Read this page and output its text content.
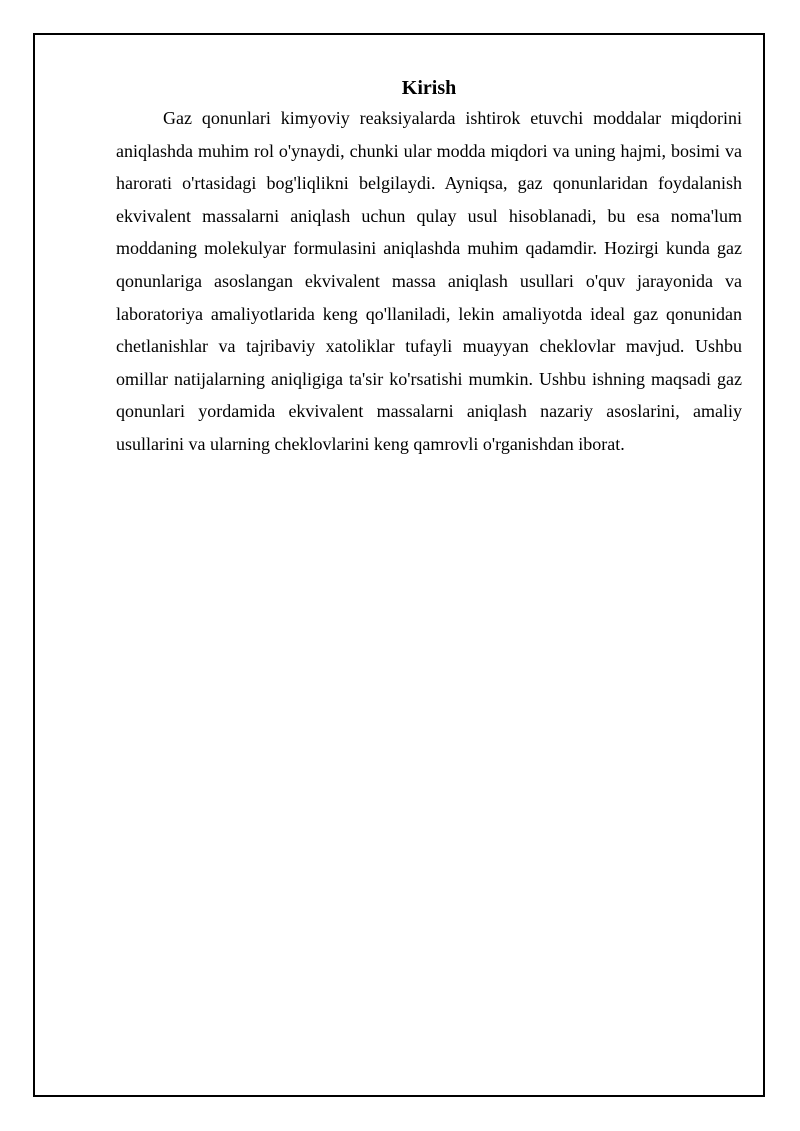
Kirish

Gaz qonunlari kimyoviy reaksiyalarda ishtirok etuvchi moddalar miqdorini aniqlashda muhim rol o'ynaydi, chunki ular modda miqdori va uning hajmi, bosimi va harorati o'rtasidagi bog'liqlikni belgilaydi. Ayniqsa, gaz qonunlaridan foydalanish ekvivalent massalarni aniqlash uchun qulay usul hisoblanadi, bu esa noma'lum moddaning molekulyar formulasini aniqlashda muhim qadamdir. Hozirgi kunda gaz qonunlariga asoslangan ekvivalent massa aniqlash usullari o'quv jarayonida va laboratoriya amaliyotlarida keng qo'llaniladi, lekin amaliyotda ideal gaz qonunidan chetlanishlar va tajribaviy xatoliklar tufayli muayyan cheklovlar mavjud. Ushbu omillar natijalarning aniqligiga ta'sir ko'rsatishi mumkin. Ushbu ishning maqsadi gaz qonunlari yordamida ekvivalent massalarni aniqlash nazariy asoslarini, amaliy usullarini va ularning cheklovlarini keng qamrovli o'rganishdan iborat.
